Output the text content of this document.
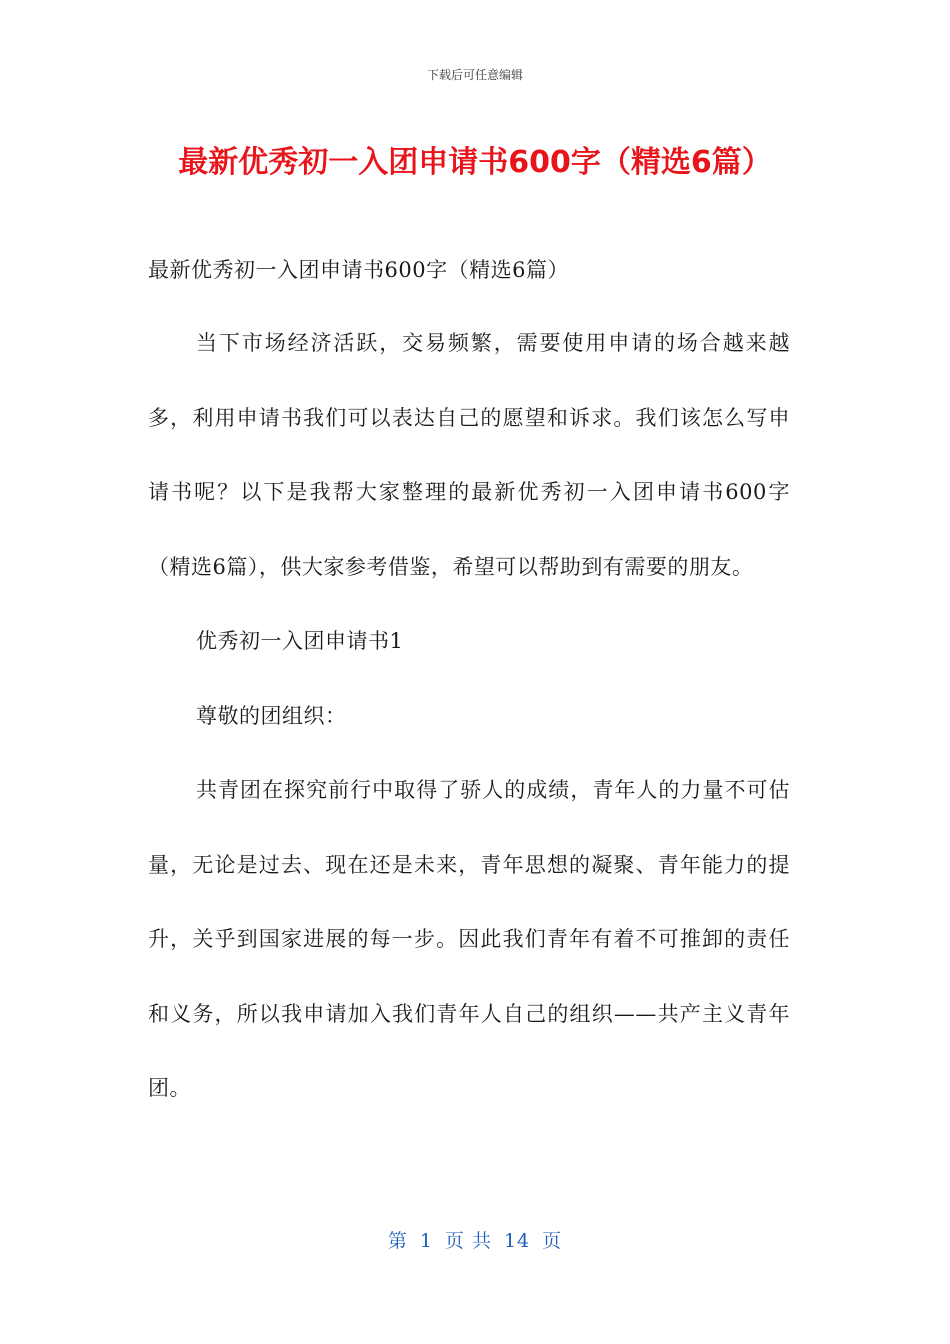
下载后可任意编辑
最新优秀初一入团申请书600字（精选6篇）

最新优秀初一入团申请书600字（精选6篇）

当下市场经济活跃，交易频繁，需要使用申请的场合越来越多，利用申请书我们可以表达自己的愿望和诉求。我们该怎么写申请书呢？以下是我帮大家整理的最新优秀初一入团申请书600字（精选6篇），供大家参考借鉴，希望可以帮助到有需要的朋友。

优秀初一入团申请书1

尊敬的团组织：

共青团在探究前行中取得了骄人的成绩，青年人的力量不可估量，无论是过去、现在还是未来，青年思想的凝聚、青年能力的提升，关乎到国家进展的每一步。因此我们青年有着不可推卸的责任和义务，所以我申请加入我们青年人自己的组织——共产主义青年团。

第 1 页 共 14 页
